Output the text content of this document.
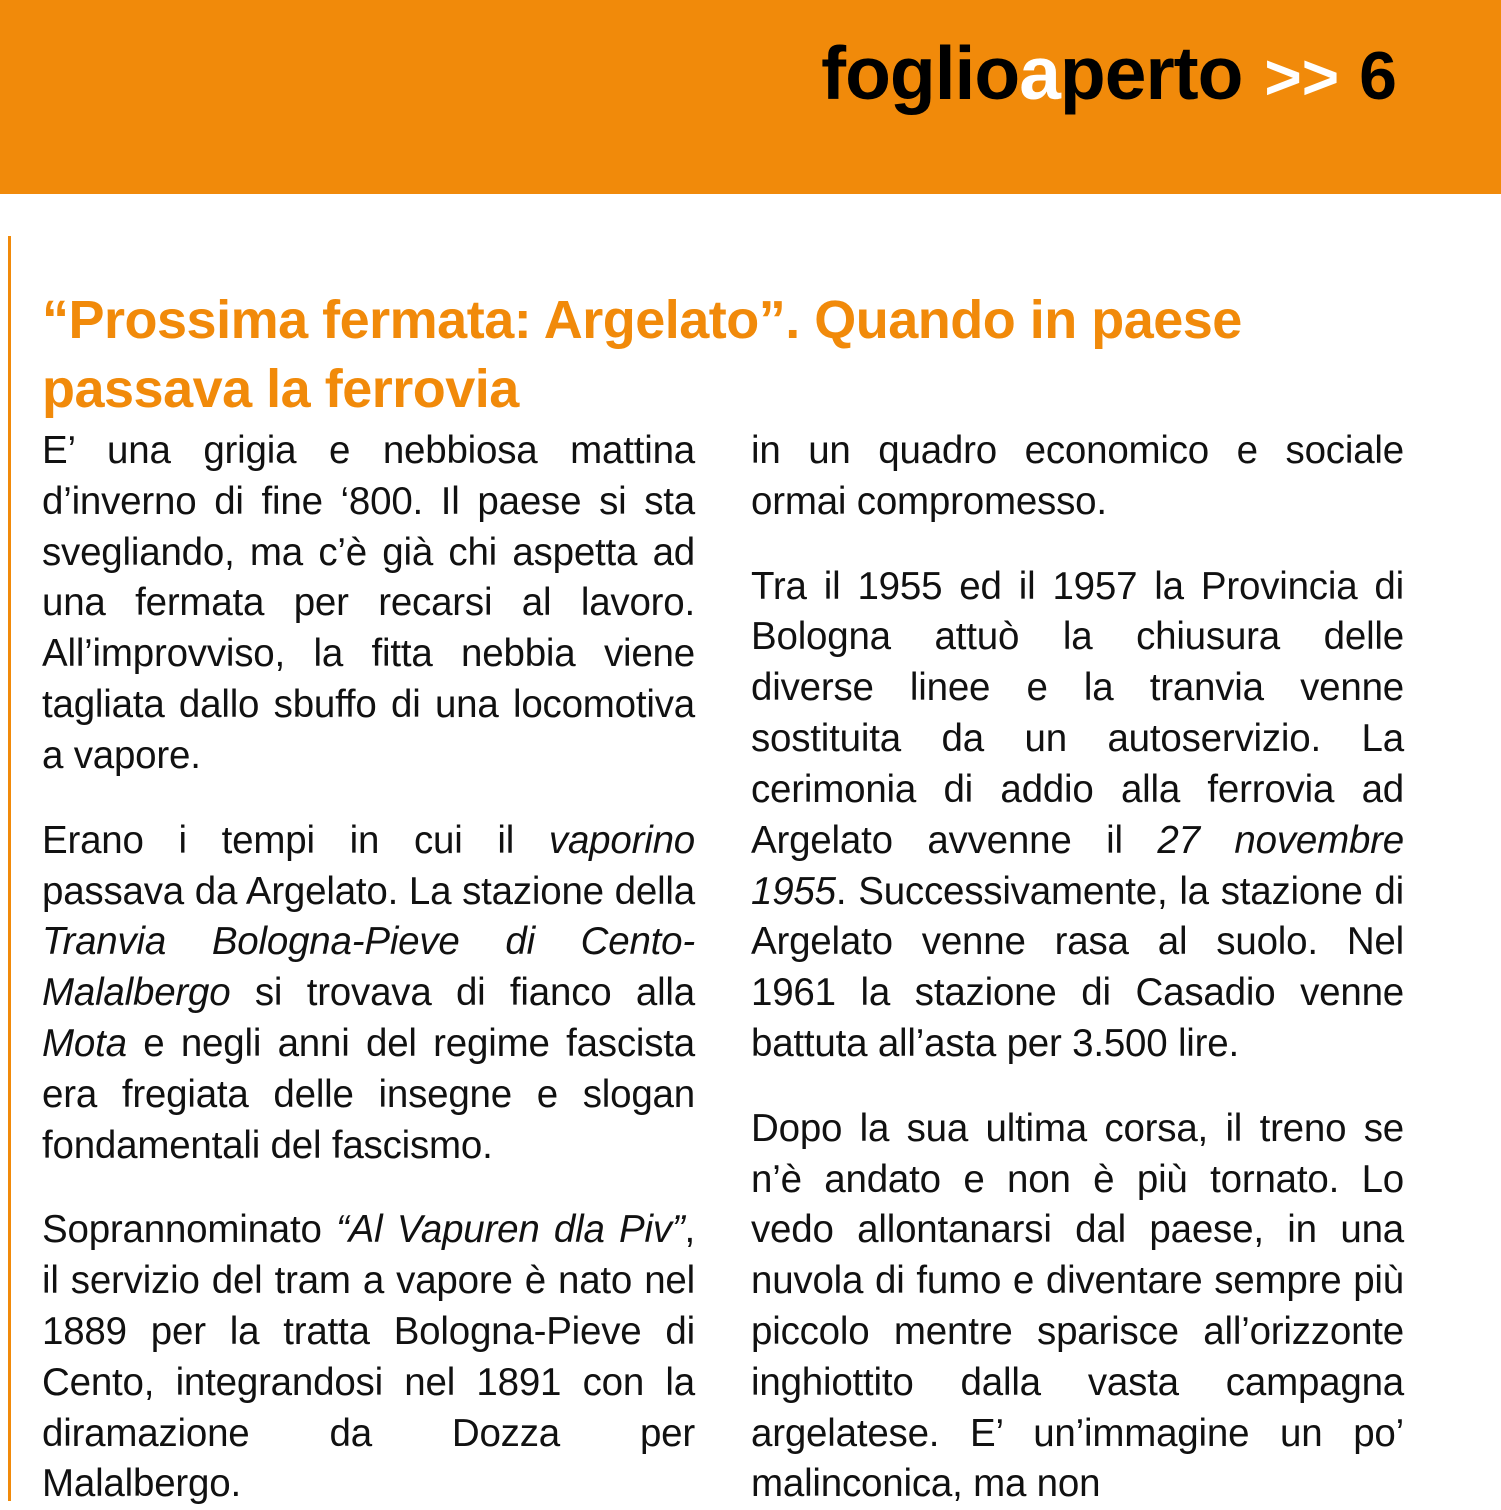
foglioaperto >> 6
“Prossima fermata: Argelato”. Quando in paese passava la ferrovia

E’ una grigia e nebbiosa mattina d’inverno di fine ‘800. Il paese si sta svegliando, ma c’è già chi aspetta ad una fermata per recarsi al lavoro. All’improvviso, la fitta nebbia viene tagliata dallo sbuffo di una locomotiva a vapore.

Erano i tempi in cui il vaporino passava da Argelato. La stazione della Tranvia Bologna-Pieve di Cento-Malalbergo si trovava di fianco alla Mota e negli anni del regime fascista era fregiata delle insegne e slogan fondamentali del fascismo.

Soprannominato “Al Vapuren dla Piv”, il servizio del tram a vapore è nato nel 1889 per la tratta Bologna-Pieve di Cento, integrandosi nel 1891 con la diramazione da Dozza per Malalbergo.

in un quadro economico e sociale ormai compromesso.

Tra il 1955 ed il 1957 la Provincia di Bologna attuò la chiusura delle diverse linee e la tranvia venne sostituita da un autoservizio. La cerimonia di addio alla ferrovia ad Argelato avvenne il 27 novembre 1955. Successivamente, la stazione di Argelato venne rasa al suolo. Nel 1961 la stazione di Casadio venne battuta all’asta per 3.500 lire.

Dopo la sua ultima corsa, il treno se n’è andato e non è più tornato. Lo vedo allontanarsi dal paese, in una nuvola di fumo e diventare sempre più piccolo mentre sparisce all’orizzonte inghiottito dalla vasta campagna argelatese. E’ un’immagine un po’ malinconica, ma non
